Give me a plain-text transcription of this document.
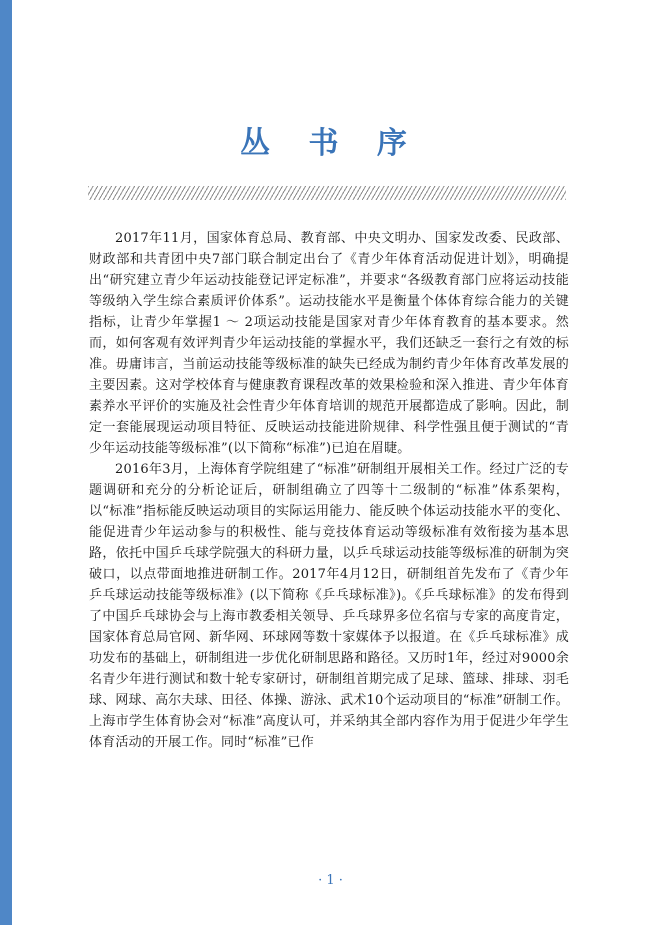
丛 书 序

2017年11月，国家体育总局、教育部、中央文明办、国家发改委、民政部、财政部和共青团中央7部门联合制定出台了《青少年体育活动促进计划》，明确提出“研究建立青少年运动技能登记评定标准”，并要求“各级教育部门应将运动技能等级纳入学生综合素质评价体系”。运动技能水平是衡量个体体育综合能力的关键指标，让青少年掌握1 ～ 2项运动技能是国家对青少年体育教育的基本要求。然而，如何客观有效评判青少年运动技能的掌握水平，我们还缺乏一套行之有效的标准。毋庸讳言，当前运动技能等级标准的缺失已经成为制约青少年体育改革发展的主要因素。这对学校体育与健康教育课程改革的效果检验和深入推进、青少年体育素养水平评价的实施及社会性青少年体育培训的规范开展都造成了影响。因此，制定一套能展现运动项目特征、反映运动技能进阶规律、科学性强且便于测试的“青少年运动技能等级标准”(以下简称“标准”)已迫在眉睫。

2016年3月，上海体育学院组建了“标准”研制组开展相关工作。经过广泛的专题调研和充分的分析论证后，研制组确立了四等十二级制的“标准”体系架构，以“标准”指标能反映运动项目的实际运用能力、能反映个体运动技能水平的变化、能促进青少年运动参与的积极性、能与竞技体育运动等级标准有效衔接为基本思路，依托中国乒乓球学院强大的科研力量，以乒乓球运动技能等级标准的研制为突破口，以点带面地推进研制工作。2017年4月12日，研制组首先发布了《青少年乒乓球运动技能等级标准》(以下简称《乒乓球标准》)。《乒乓球标准》的发布得到了中国乒乓球协会与上海市教委相关领导、乒乓球界多位名宿与专家的高度肯定，国家体育总局官网、新华网、环球网等数十家媒体予以报道。在《乒乓球标准》成功发布的基础上，研制组进一步优化研制思路和路径。又历时1年，经过对9000余名青少年进行测试和数十轮专家研讨，研制组首期完成了足球、篮球、排球、羽毛球、网球、高尔夫球、田径、体操、游泳、武术10个运动项目的“标准”研制工作。上海市学生体育协会对“标准”高度认可，并采纳其全部内容作为用于促进少年学生体育活动的开展工作。同时“标准”已作

· 1 ·
